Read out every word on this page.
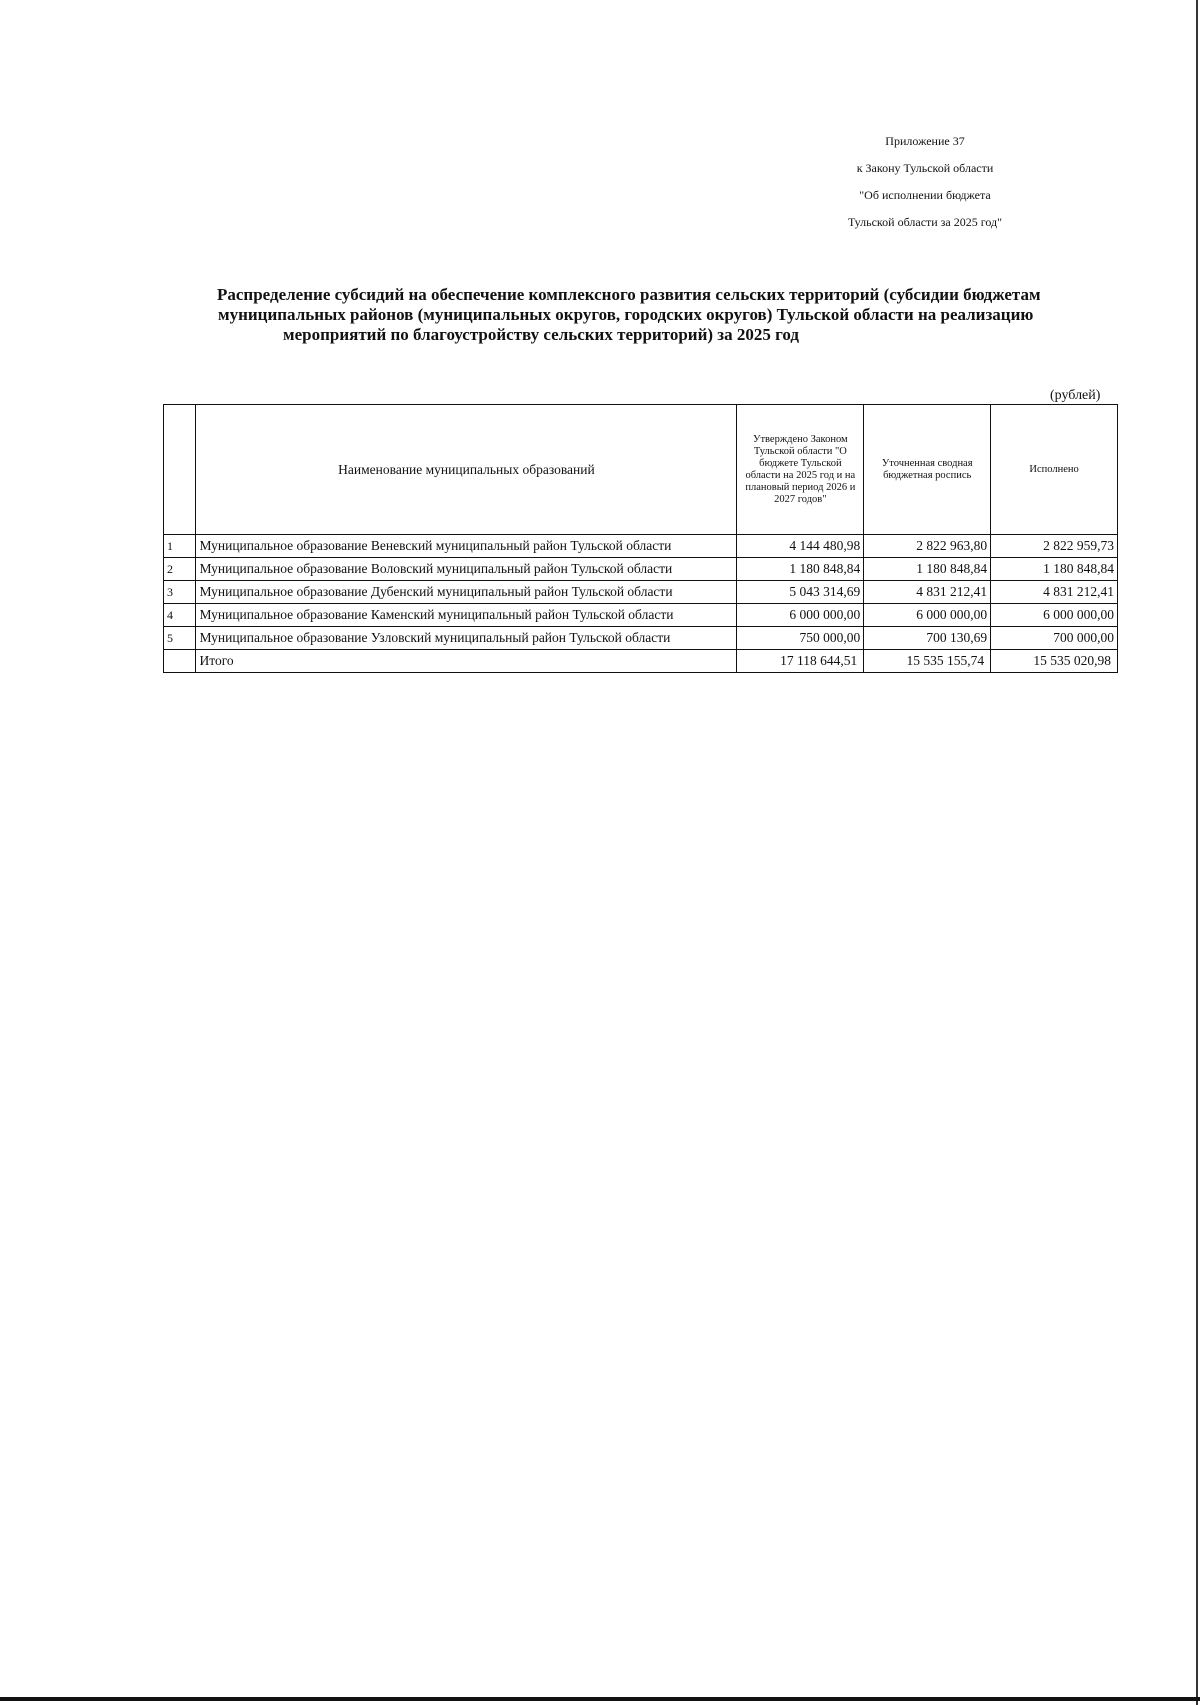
Приложение 37
к Закону Тульской области
"Об исполнении бюджета
Тульской области за 2025 год"
Распределение субсидий на обеспечение комплексного развития сельских территорий (субсидии бюджетам
муниципальных районов (муниципальных округов, городских округов) Тульской области на реализацию
мероприятий по благоустройству сельских территорий) за 2025 год
(рублей)
	Наименование муниципальных образований	Утверждено Законом Тульской области "О бюджете Тульской области на 2025 год и на плановый период 2026 и 2027 годов"	Уточненная сводная бюджетная роспись	Исполнено
1	Муниципальное образование Веневский муниципальный район Тульской области	4 144 480,98	2 822 963,80	2 822 959,73
2	Муниципальное образование Воловский муниципальный район Тульской области	1 180 848,84	1 180 848,84	1 180 848,84
3	Муниципальное образование Дубенский муниципальный район Тульской области	5 043 314,69	4 831 212,41	4 831 212,41
4	Муниципальное образование Каменский муниципальный район Тульской области	6 000 000,00	6 000 000,00	6 000 000,00
5	Муниципальное образование Узловский муниципальный район Тульской области	750 000,00	700 130,69	700 000,00
	Итого	17 118 644,51	15 535 155,74	15 535 020,98
